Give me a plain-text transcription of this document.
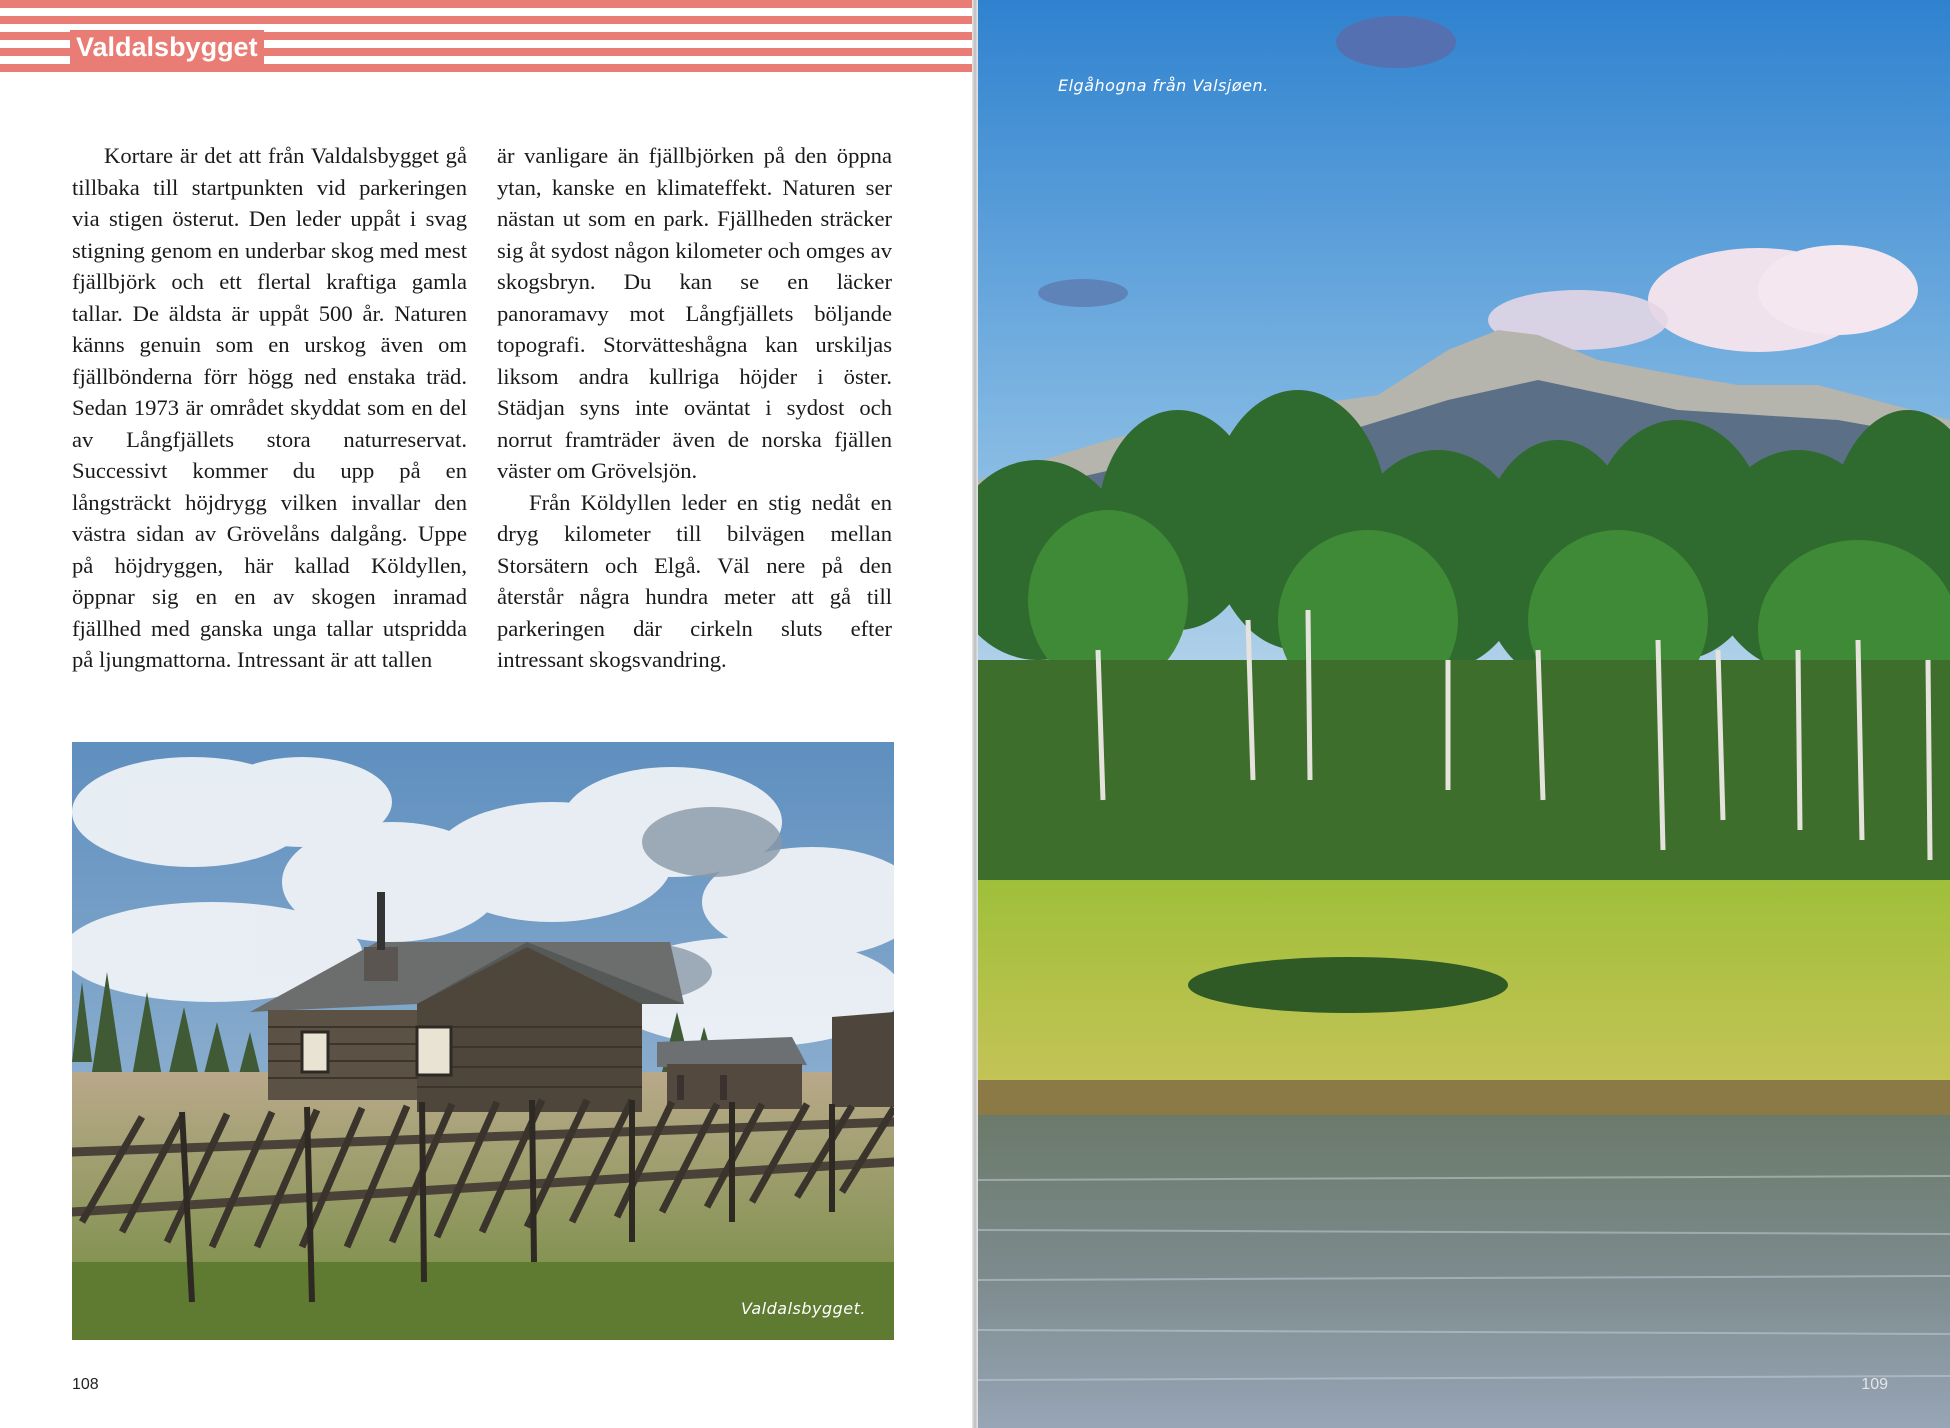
Valdalsbygget

Kortare är det att från Valdalsbygget gå tillbaka till startpunkten vid parkeringen via stigen österut. Den leder uppåt i svag stigning genom en underbar skog med mest fjällbjörk och ett flertal kraftiga gamla tallar. De äldsta är uppåt 500 år. Naturen känns genuin som en urskog även om fjällbönderna förr högg ned enstaka träd. Sedan 1973 är området skyddat som en del av Långfjällets stora naturreservat. Successivt kommer du upp på en långsträckt höjdrygg vilken invallar den västra sidan av Grövelåns dalgång. Uppe på höjdryggen, här kallad Köldyllen, öppnar sig en en av skogen inramad fjällhed med ganska unga tallar utspridda på ljungmattorna. Intressant är att tallen

är vanligare än fjällbjörken på den öppna ytan, kanske en klimateffekt. Naturen ser nästan ut som en park. Fjällheden sträcker sig åt sydost någon kilometer och omges av skogsbryn. Du kan se en läcker panoramavy mot Långfjällets böljande topografi. Storvätteshågna kan urskiljas liksom andra kullriga höjder i öster. Städjan syns inte oväntat i sydost och norrut framträder även de norska fjällen väster om Grövelsjön.

Från Köldyllen leder en stig nedåt en dryg kilometer till bilvägen mellan Storsätern och Elgå. Väl nere på den återstår några hundra meter att gå till parkeringen där cirkeln sluts efter intressant skogsvandring.

Valdalsbygget.
108
Elgåhogna från Valsjøen.
109
